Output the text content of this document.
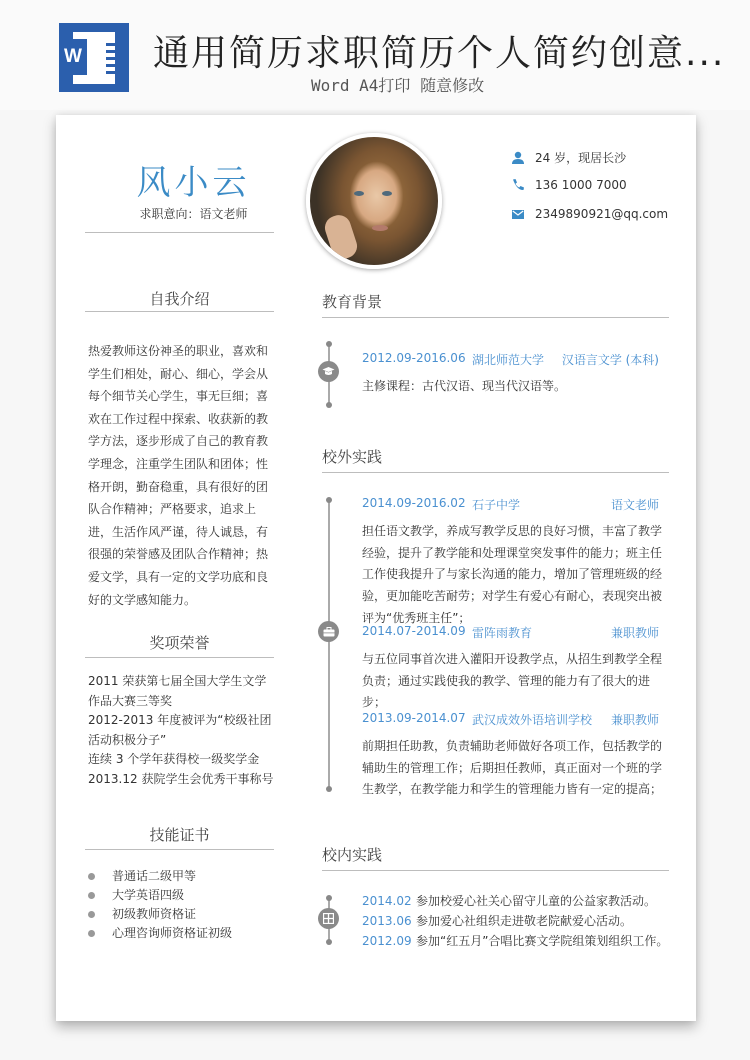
W 通用简历求职简历个人简约创意...
Word A4打印 随意修改
风小云
求职意向：语文老师
自我介绍
热爱教师这份神圣的职业，喜欢和学生们相处，耐心、细心，学会从每个细节关心学生，事无巨细；喜欢在工作过程中探索、收获新的教学方法，逐步形成了自己的教育教学理念，注重学生团队和团体；性格开朗，勤奋稳重，具有很好的团队合作精神；严格要求，追求上进，生活作风严谨，待人诚恳，有很强的荣誉感及团队合作精神；热爱文学，具有一定的文学功底和良好的文学感知能力。
奖项荣誉
2011 荣获第七届全国大学生文学作品大赛三等奖
2012-2013 年度被评为“校级社团活动积极分子”
连续 3 个学年获得校一级奖学金
2013.12 获院学生会优秀干事称号
技能证书
普通话二级甲等
大学英语四级
初级教师资格证
心理咨询师资格证初级
24 岁，现居长沙
136 1000 7000
2349890921@qq.com
教育背景
2012.09-2016.06 湖北师范大学	汉语言文学 (本科)
主修课程：古代汉语、现当代汉语等。
校外实践
2014.09-2016.02 石子中学	语文老师
担任语文教学，养成写教学反思的良好习惯，丰富了教学经验，提升了教学能和处理课堂突发事件的能力；班主任工作使我提升了与家长沟通的能力，增加了管理班级的经验，更加能吃苦耐劳；对学生有爱心有耐心，表现突出被评为“优秀班主任”；
2014.07-2014.09 雷阵雨教育	兼职教师
与五位同事首次进入灌阳开设教学点，从招生到教学全程负责；通过实践使我的教学、管理的能力有了很大的进步；
2013.09-2014.07 武汉成效外语培训学校	兼职教师
前期担任助教，负责辅助老师做好各项工作，包括教学的辅助生的管理工作；后期担任教师，真正面对一个班的学生教学，在教学能力和学生的管理能力皆有一定的提高；
校内实践
2014.02 参加校爱心社关心留守儿童的公益家教活动。
2013.06 参加爱心社组织走进敬老院献爱心活动。
2012.09 参加“红五月”合唱比赛文学院组策划组织工作。
